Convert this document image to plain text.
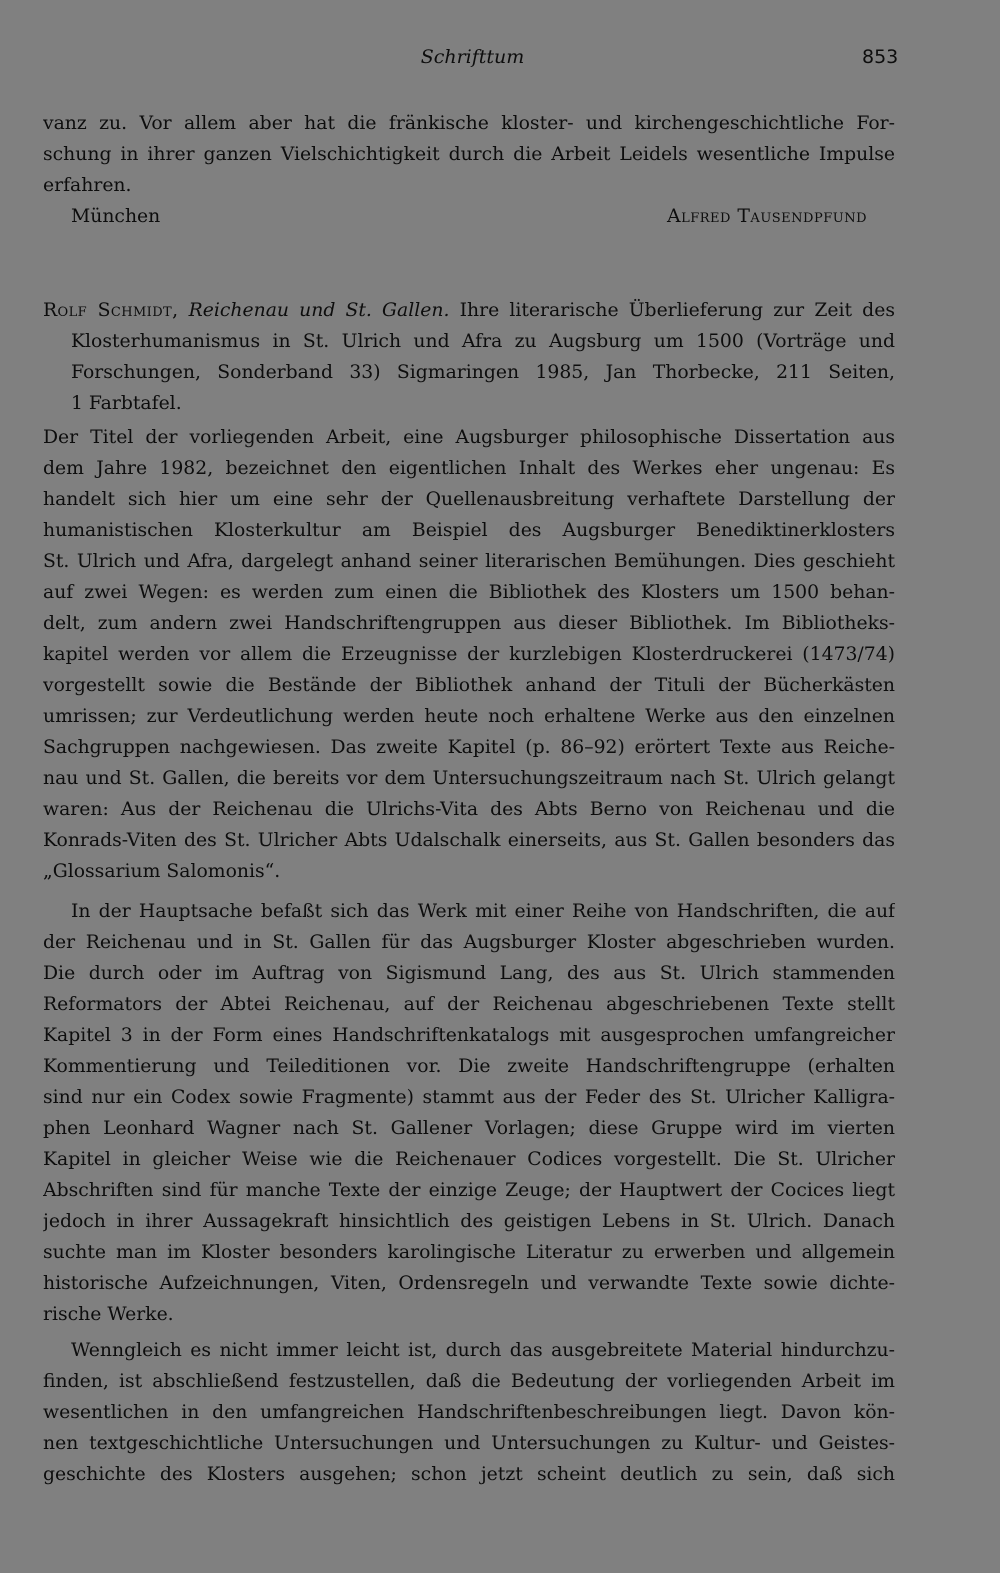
Schrifttum	853
vanz zu. Vor allem aber hat die fränkische kloster- und kirchengeschichtliche For-
schung in ihrer ganzen Vielschichtigkeit durch die Arbeit Leidels wesentliche Impulse
erfahren.
München	Alfred Tausendpfund
Rolf Schmidt, Reichenau und St. Gallen. Ihre literarische Überlieferung zur Zeit des
Klosterhumanismus in St. Ulrich und Afra zu Augsburg um 1500 (Vorträge und
Forschungen, Sonderband 33) Sigmaringen 1985, Jan Thorbecke, 211 Seiten,
1 Farbtafel.
Der Titel der vorliegenden Arbeit, eine Augsburger philosophische Dissertation aus
dem Jahre 1982, bezeichnet den eigentlichen Inhalt des Werkes eher ungenau: Es
handelt sich hier um eine sehr der Quellenausbreitung verhaftete Darstellung der
humanistischen Klosterkultur am Beispiel des Augsburger Benediktinerklosters
St. Ulrich und Afra, dargelegt anhand seiner literarischen Bemühungen. Dies geschieht
auf zwei Wegen: es werden zum einen die Bibliothek des Klosters um 1500 behan-
delt, zum andern zwei Handschriftengruppen aus dieser Bibliothek. Im Bibliotheks-
kapitel werden vor allem die Erzeugnisse der kurzlebigen Klosterdruckerei (1473/74)
vorgestellt sowie die Bestände der Bibliothek anhand der Tituli der Bücherkästen
umrissen; zur Verdeutlichung werden heute noch erhaltene Werke aus den einzelnen
Sachgruppen nachgewiesen. Das zweite Kapitel (p. 86–92) erörtert Texte aus Reiche-
nau und St. Gallen, die bereits vor dem Untersuchungszeitraum nach St. Ulrich gelangt
waren: Aus der Reichenau die Ulrichs-Vita des Abts Berno von Reichenau und die
Konrads-Viten des St. Ulricher Abts Udalschalk einerseits, aus St. Gallen besonders das
„Glossarium Salomonis“.
In der Hauptsache befaßt sich das Werk mit einer Reihe von Handschriften, die auf
der Reichenau und in St. Gallen für das Augsburger Kloster abgeschrieben wurden.
Die durch oder im Auftrag von Sigismund Lang, des aus St. Ulrich stammenden
Reformators der Abtei Reichenau, auf der Reichenau abgeschriebenen Texte stellt
Kapitel 3 in der Form eines Handschriftenkatalogs mit ausgesprochen umfangreicher
Kommentierung und Teileditionen vor. Die zweite Handschriftengruppe (erhalten
sind nur ein Codex sowie Fragmente) stammt aus der Feder des St. Ulricher Kalligra-
phen Leonhard Wagner nach St. Gallener Vorlagen; diese Gruppe wird im vierten
Kapitel in gleicher Weise wie die Reichenauer Codices vorgestellt. Die St. Ulricher
Abschriften sind für manche Texte der einzige Zeuge; der Hauptwert der Cocices liegt
jedoch in ihrer Aussagekraft hinsichtlich des geistigen Lebens in St. Ulrich. Danach
suchte man im Kloster besonders karolingische Literatur zu erwerben und allgemein
historische Aufzeichnungen, Viten, Ordensregeln und verwandte Texte sowie dichte-
rische Werke.
Wenngleich es nicht immer leicht ist, durch das ausgebreitete Material hindurchzu-
finden, ist abschließend festzustellen, daß die Bedeutung der vorliegenden Arbeit im
wesentlichen in den umfangreichen Handschriftenbeschreibungen liegt. Davon kön-
nen textgeschichtliche Untersuchungen und Untersuchungen zu Kultur- und Geistes-
geschichte des Klosters ausgehen; schon jetzt scheint deutlich zu sein, daß sich
